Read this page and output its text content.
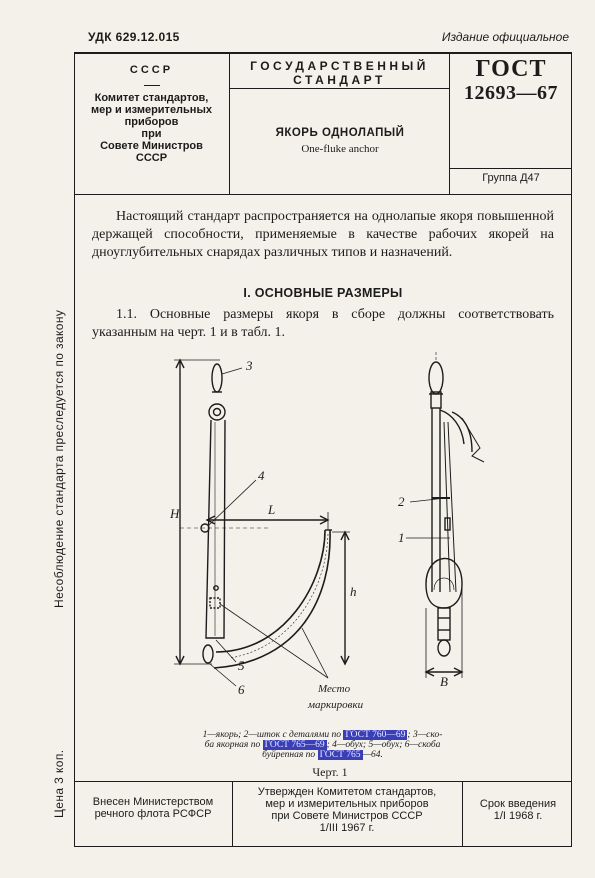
УДК 629.12.015	Издание официальное
СССР
Комитет стандартов,
мер и измерительных
приборов
при
Совете Министров
СССР
ГОСУДАРСТВЕННЫЙ
СТАНДАРТ
ЯКОРЬ ОДНОЛАПЫЙ
One-fluke anchor
ГОСТ
12693—67
Группа Д47
Настоящий стандарт распространяется на однолапые якоря повышенной держащей способности, применяемые в качестве рабочих якорей на дноуглубительных снарядах различных типов и назначений.
I. ОСНОВНЫЕ РАЗМЕРЫ
1.1. Основные размеры якоря в сборе должны соответствовать указанным на черт. 1 и в табл. 1.
3
4
5
6
H	L
h
B
2
1
Место
маркировки
1—якорь; 2—шток с деталями по ГОСТ 760—69 ; 3—ско-
ба якорная по ГОСТ 765—69 ; 4—обух; 5—обух; 6—скоба
буйрепная по ГОСТ 765 —64.
Черт. 1
Внесен Министерством
речного флота РСФСР
Утвержден Комитетом стандартов,
мер и измерительных приборов
при Совете Министров СССР
1/III 1967 г.
Срок введения
1/I 1968 г.
Несоблюдение стандарта преследуется по закону
Цена 3 коп.
